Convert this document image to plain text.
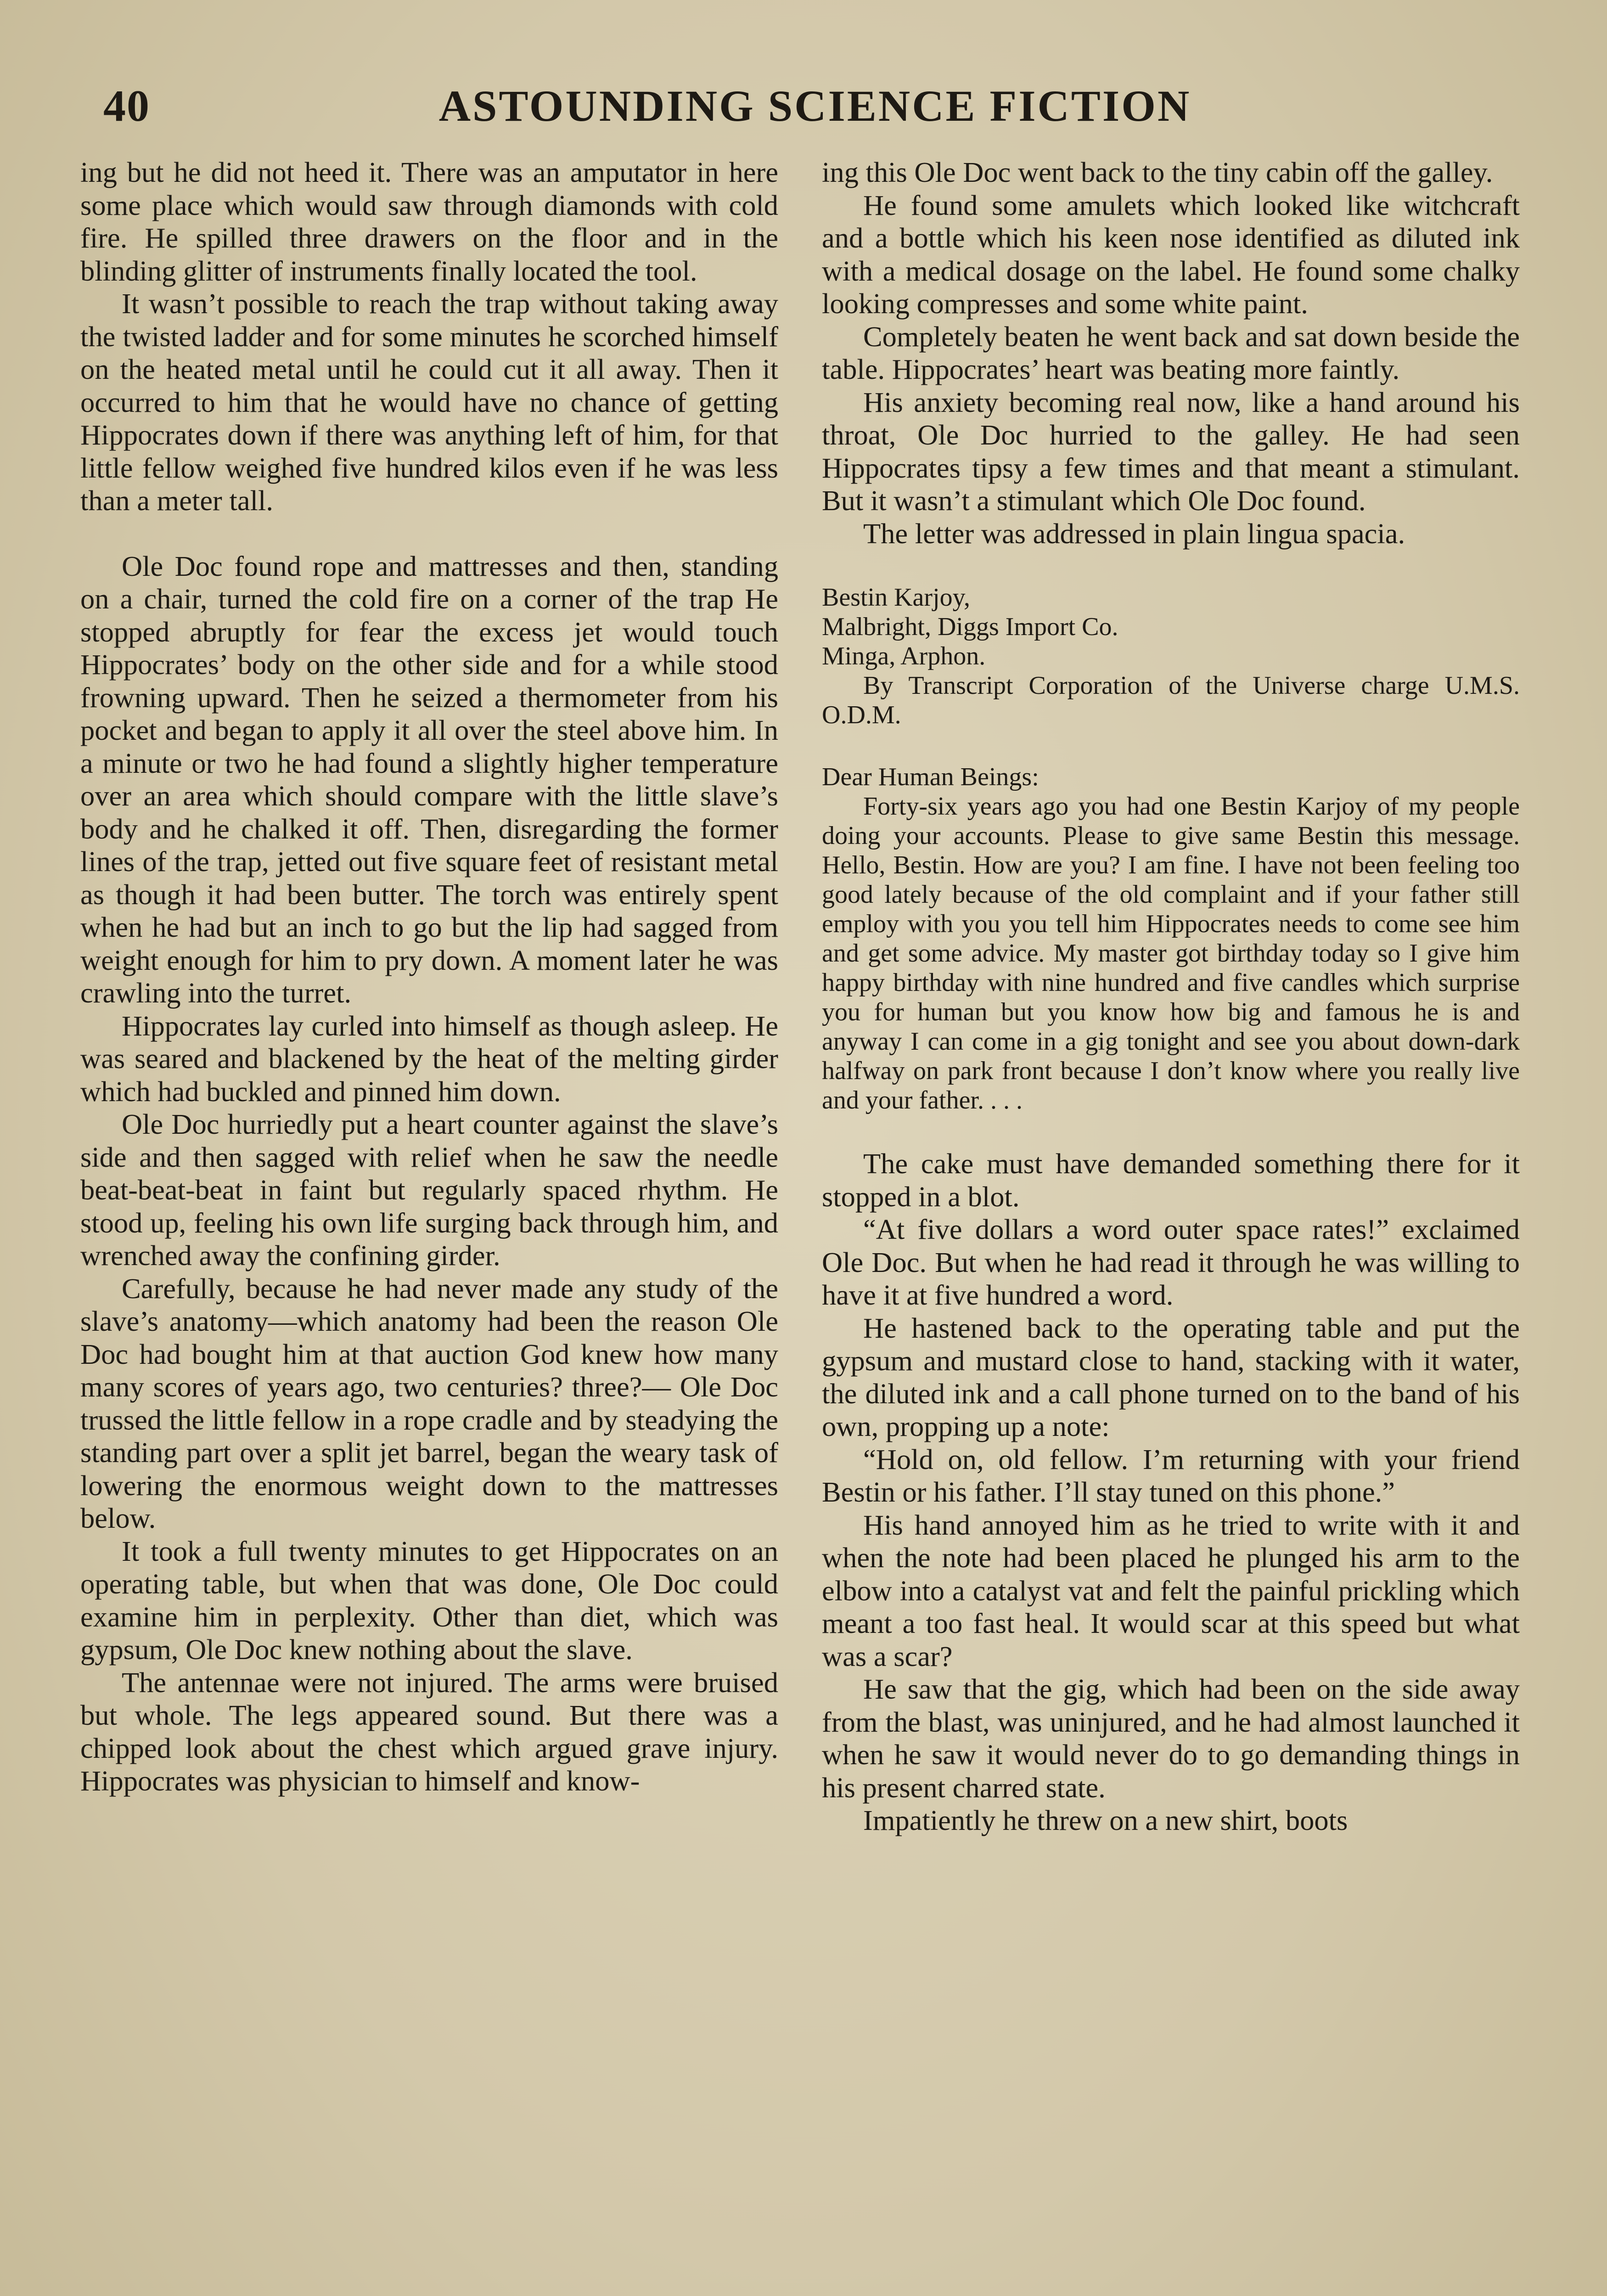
40	ASTOUNDING SCIENCE FICTION

ing but he did not heed it. There was an amputator in here some place which would saw through diamonds with cold fire. He spilled three drawers on the floor and in the blinding glitter of instruments finally located the tool.

It wasn’t possible to reach the trap without taking away the twisted ladder and for some minutes he scorched himself on the heated metal until he could cut it all away. Then it occurred to him that he would have no chance of getting Hippocrates down if there was anything left of him, for that little fellow weighed five hundred kilos even if he was less than a meter tall.

Ole Doc found rope and mattresses and then, standing on a chair, turned the cold fire on a corner of the trap He stopped abruptly for fear the excess jet would touch Hippocrates’ body on the other side and for a while stood frowning upward. Then he seized a thermometer from his pocket and began to apply it all over the steel above him. In a minute or two he had found a slightly higher temperature over an area which should compare with the little slave’s body and he chalked it off. Then, disregarding the former lines of the trap, jetted out five square feet of resistant metal as though it had been butter. The torch was entirely spent when he had but an inch to go but the lip had sagged from weight enough for him to pry down. A moment later he was crawling into the turret.

Hippocrates lay curled into himself as though asleep. He was seared and blackened by the heat of the melting girder which had buckled and pinned him down.

Ole Doc hurriedly put a heart counter against the slave’s side and then sagged with relief when he saw the needle beat-beat-beat in faint but regularly spaced rhythm. He stood up, feeling his own life surging back through him, and wrenched away the confining girder.

Carefully, because he had never made any study of the slave’s anatomy—which anatomy had been the reason Ole Doc had bought him at that auction God knew how many many scores of years ago, two centuries? three?— Ole Doc trussed the little fellow in a rope cradle and by steadying the standing part over a split jet barrel, began the weary task of lowering the enormous weight down to the mattresses below.

It took a full twenty minutes to get Hippocrates on an operating table, but when that was done, Ole Doc could examine him in perplexity. Other than diet, which was gypsum, Ole Doc knew nothing about the slave.

The antennae were not injured. The arms were bruised but whole. The legs appeared sound. But there was a chipped look about the chest which argued grave injury. Hippocrates was physician to himself and know-

ing this Ole Doc went back to the tiny cabin off the galley.

He found some amulets which looked like witchcraft and a bottle which his keen nose identified as diluted ink with a medical dosage on the label. He found some chalky looking compresses and some white paint.

Completely beaten he went back and sat down beside the table. Hippocrates’ heart was beating more faintly.

His anxiety becoming real now, like a hand around his throat, Ole Doc hurried to the galley. He had seen Hippocrates tipsy a few times and that meant a stimulant. But it wasn’t a stimulant which Ole Doc found.

The letter was addressed in plain lingua spacia.

Bestin Karjoy,

Malbright, Diggs Import Co.

Minga, Arphon.

By Transcript Corporation of the Universe charge U.M.S. O.D.M.

Dear Human Beings:

Forty-six years ago you had one Bestin Karjoy of my people doing your accounts. Please to give same Bestin this message. Hello, Bestin. How are you? I am fine. I have not been feeling too good lately because of the old complaint and if your father still employ with you you tell him Hippocrates needs to come see him and get some advice. My master got birthday today so I give him happy birthday with nine hundred and five candles which surprise you for human but you know how big and famous he is and anyway I can come in a gig tonight and see you about down-dark halfway on park front because I don’t know where you really live and your father. . . .

The cake must have demanded something there for it stopped in a blot.

“At five dollars a word outer space rates!” exclaimed Ole Doc. But when he had read it through he was willing to have it at five hundred a word.

He hastened back to the operating table and put the gypsum and mustard close to hand, stacking with it water, the diluted ink and a call phone turned on to the band of his own, propping up a note:

“Hold on, old fellow. I’m returning with your friend Bestin or his father. I’ll stay tuned on this phone.”

His hand annoyed him as he tried to write with it and when the note had been placed he plunged his arm to the elbow into a catalyst vat and felt the painful prickling which meant a too fast heal. It would scar at this speed but what was a scar?

He saw that the gig, which had been on the side away from the blast, was uninjured, and he had almost launched it when he saw it would never do to go demanding things in his present charred state.

Impatiently he threw on a new shirt, boots
